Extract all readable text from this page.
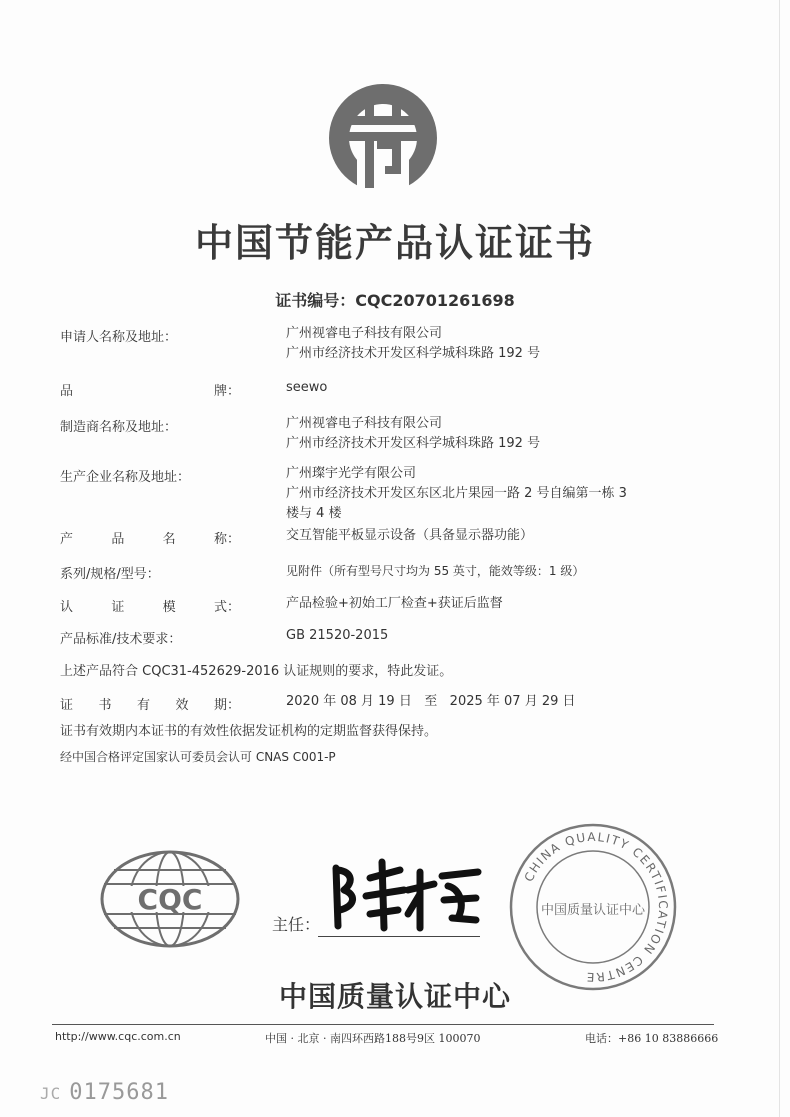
中国节能产品认证证书
证书编号：CQC20701261698
申请人名称及地址：	广州视睿电子科技有限公司
广州市经济技术开发区科学城科珠路 192 号
品	牌：	seewo
制造商名称及地址：	广州视睿电子科技有限公司
广州市经济技术开发区科学城科珠路 192 号
生产企业名称及地址：	广州璨宇光学有限公司
广州市经济技术开发区东区北片果园一路 2 号自编第一栋 3
楼与 4 楼
产	品	名	称：	交互智能平板显示设备（具备显示器功能）
系列/规格/型号：	见附件（所有型号尺寸均为 55 英寸，能效等级：1 级）
认	证	模	式：	产品检验+初始工厂检查+获证后监督
产品标准/技术要求：	GB 21520-2015
上述产品符合 CQC31-452629-2016 认证规则的要求，特此发证。
证 书 有 效 期：	2020 年 08 月 19 日 至 2025 年 07 月 29 日
证书有效期内本证书的有效性依据发证机构的定期监督获得保持。
经中国合格评定国家认可委员会认可 CNAS C001-P
CQC
主任：
CHINA QUALITY CERTIFICATION CENTRE
中国质量认证中心
中国质量认证中心
http://www.cqc.com.cn	中国 · 北京 · 南四环西路188号9区 100070	电话：+86 10 83886666
JC 0175681
